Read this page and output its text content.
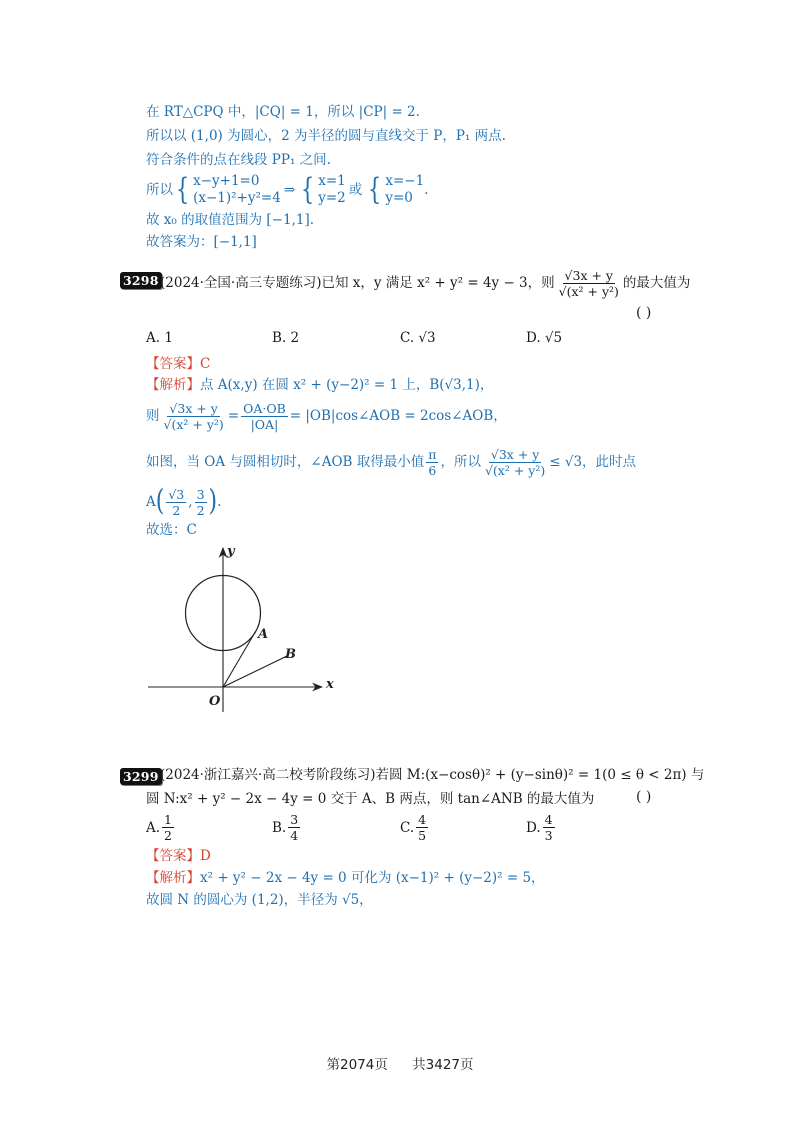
在 RT△CPQ 中，|CQ| = 1，所以 |CP| = 2.
所以以 (1,0) 为圆心，2 为半径的圆与直线交于 P，P₁ 两点.
符合条件的点在线段 PP₁ 之间.
所以 { x−y+1=0
(x−1)²+y²=4 ⇒ { x=1
y=2 或 { x=−1
y=0 .
故 x₀ 的取值范围为 [−1,1].
故答案为：[−1,1]
3298 (2024·全国·高三专题练习)已知 x，y 满足 x² + y² = 4y − 3，则 $\frac{√3x + y}{\text{√(x² + y²)}}$ 的最大值为
( )
A. 1	B. 2	C. √3	D. √5
【答案】C
【解析】点 A(x,y) 在圆 x² + (y−2)² = 1 上，B(√3,1)，
则 $\frac{√3x + y}{\text{√(x² + y²)}} = \frac{OA\cdot OB}{|OA|}$ = |OB|cos∠AOB = 2cos∠AOB，
如图，当 OA 与圆相切时，∠AOB 取得最小值 $\frac{\pi}{6}$ ，所以 $\frac{√3x + y}{\text{√(x² + y²)}} \le √3$，此时点
A ( $\frac{√3}{2}$ , $\frac{3}{2}$ ) .
故选：C
y
x
O
A
B
3299 (2024·浙江嘉兴·高二校考阶段练习)若圆 M:(x−cosθ)² + (y−sinθ)² = 1(0 ≤ θ < 2π) 与
圆 N:x² + y² − 2x − 4y = 0 交于 A、B 两点，则 tan∠ANB 的最大值为	( )
A. $\frac{1}{2}$	B. $\frac{3}{4}$	C. $\frac{4}{5}$	D. $\frac{4}{3}$
【答案】D
【解析】x² + y² − 2x − 4y = 0 可化为 (x−1)² + (y−2)² = 5，
故圆 N 的圆心为 (1,2)，半径为 √5，
第2074页 共3427页
